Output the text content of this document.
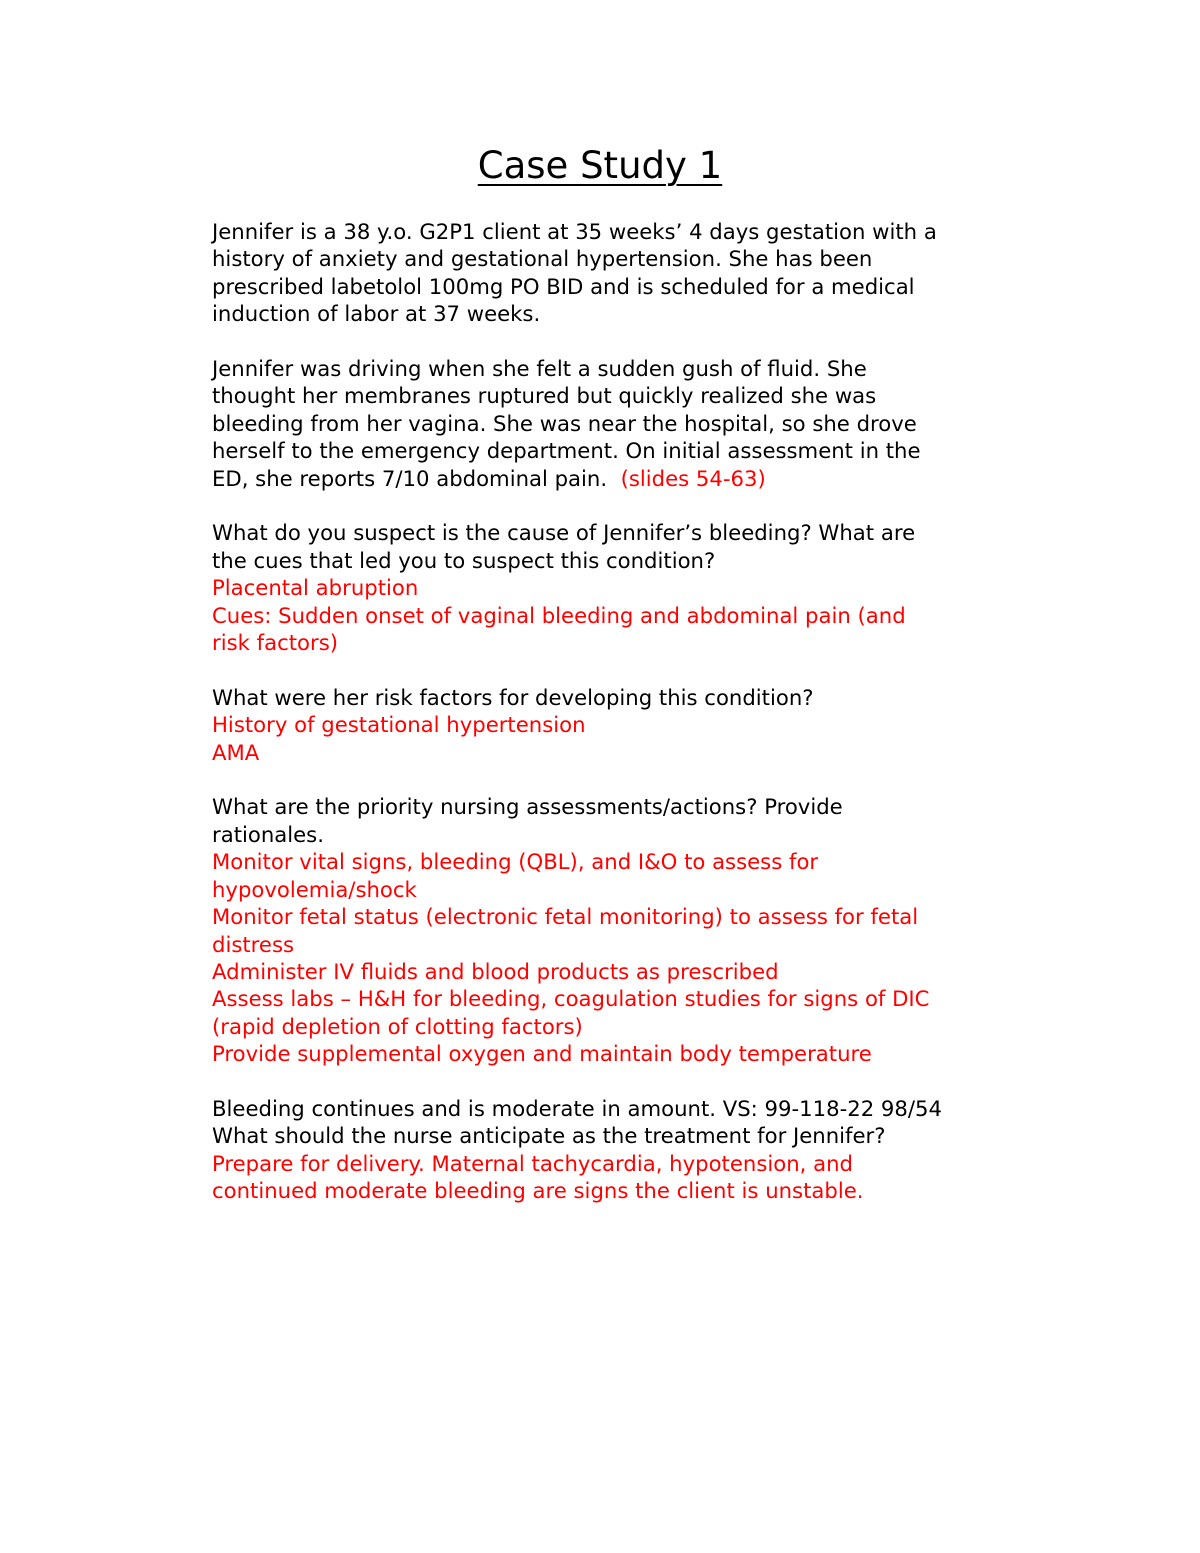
Case Study 1

Jennifer is a 38 y.o. G2P1 client at 35 weeks’ 4 days gestation with a

history of anxiety and gestational hypertension. She has been

prescribed labetolol 100mg PO BID and is scheduled for a medical

induction of labor at 37 weeks.

Jennifer was driving when she felt a sudden gush of fluid. She

thought her membranes ruptured but quickly realized she was

bleeding from her vagina. She was near the hospital, so she drove

herself to the emergency department. On initial assessment in the

ED, she reports 7/10 abdominal pain. (slides 54-63)

What do you suspect is the cause of Jennifer’s bleeding? What are

the cues that led you to suspect this condition?

Placental abruption

Cues: Sudden onset of vaginal bleeding and abdominal pain (and

risk factors)

What were her risk factors for developing this condition?

History of gestational hypertension

AMA

What are the priority nursing assessments/actions? Provide

rationales.

Monitor vital signs, bleeding (QBL), and I&O to assess for

hypovolemia/shock

Monitor fetal status (electronic fetal monitoring) to assess for fetal

distress

Administer IV fluids and blood products as prescribed

Assess labs – H&H for bleeding, coagulation studies for signs of DIC

(rapid depletion of clotting factors)

Provide supplemental oxygen and maintain body temperature

Bleeding continues and is moderate in amount. VS: 99-118-22 98/54

What should the nurse anticipate as the treatment for Jennifer?

Prepare for delivery. Maternal tachycardia, hypotension, and

continued moderate bleeding are signs the client is unstable.
